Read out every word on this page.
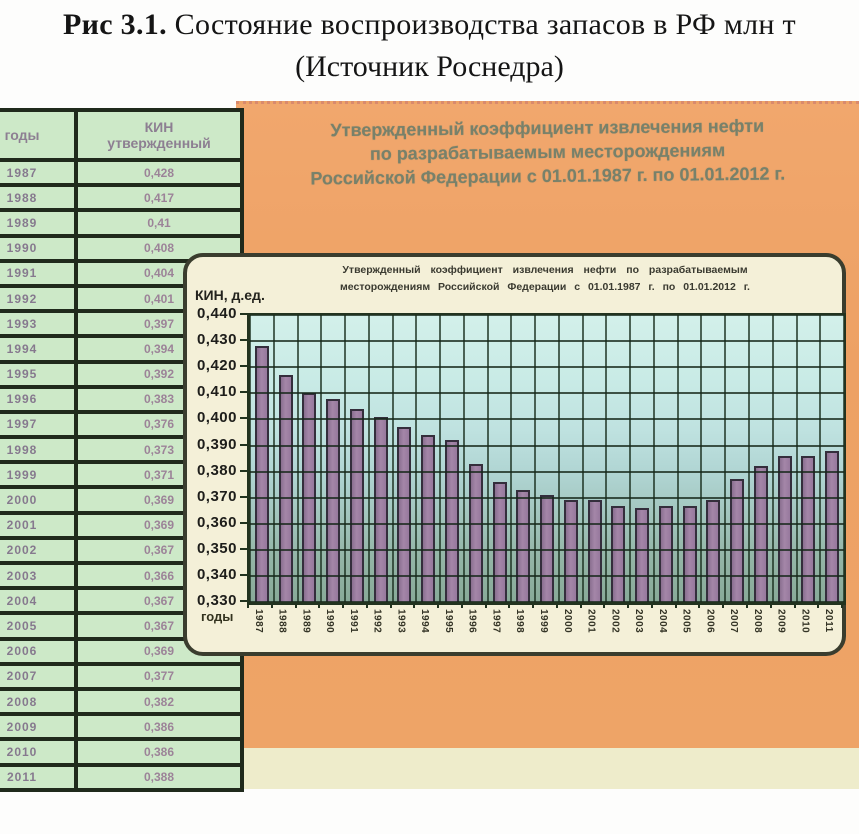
Рис 3.1. Состояние воспроизводства запасов в РФ млн т
(Источник Роснедра)
Утвержденный коэффициент извлечения нефти
по разрабатываемым месторождениям
Российской Федерации с 01.01.1987 г. по 01.01.2012 г.
годы	КИН
утвержденный

1987	0,428
1988	0,417
1989	0,41
1990	0,408
1991	0,404
1992	0,401
1993	0,397
1994	0,394
1995	0,392
1996	0,383
1997	0,376
1998	0,373
1999	0,371
2000	0,369
2001	0,369
2002	0,367
2003	0,366
2004	0,367
2005	0,367
2006	0,369
2007	0,377
2008	0,382
2009	0,386
2010	0,386
2011	0,388
Утвержденный коэффициент извлечения нефти по разрабатываемым
месторождениям Российской Федерации с 01.01.1987 г. по 01.01.2012 г.
КИН, д.ед.
0,440
0,430
0,420
0,410
0,400
0,390
0,380
0,370
0,360
0,350
0,340
0,330
1987 1988 1989 1990 1991 1992 1993 1994 1995 1996 1997 1998 1999 2000 2001 2002 2003 2004 2005 2006 2007 2008 2009 2010 2011
годы
